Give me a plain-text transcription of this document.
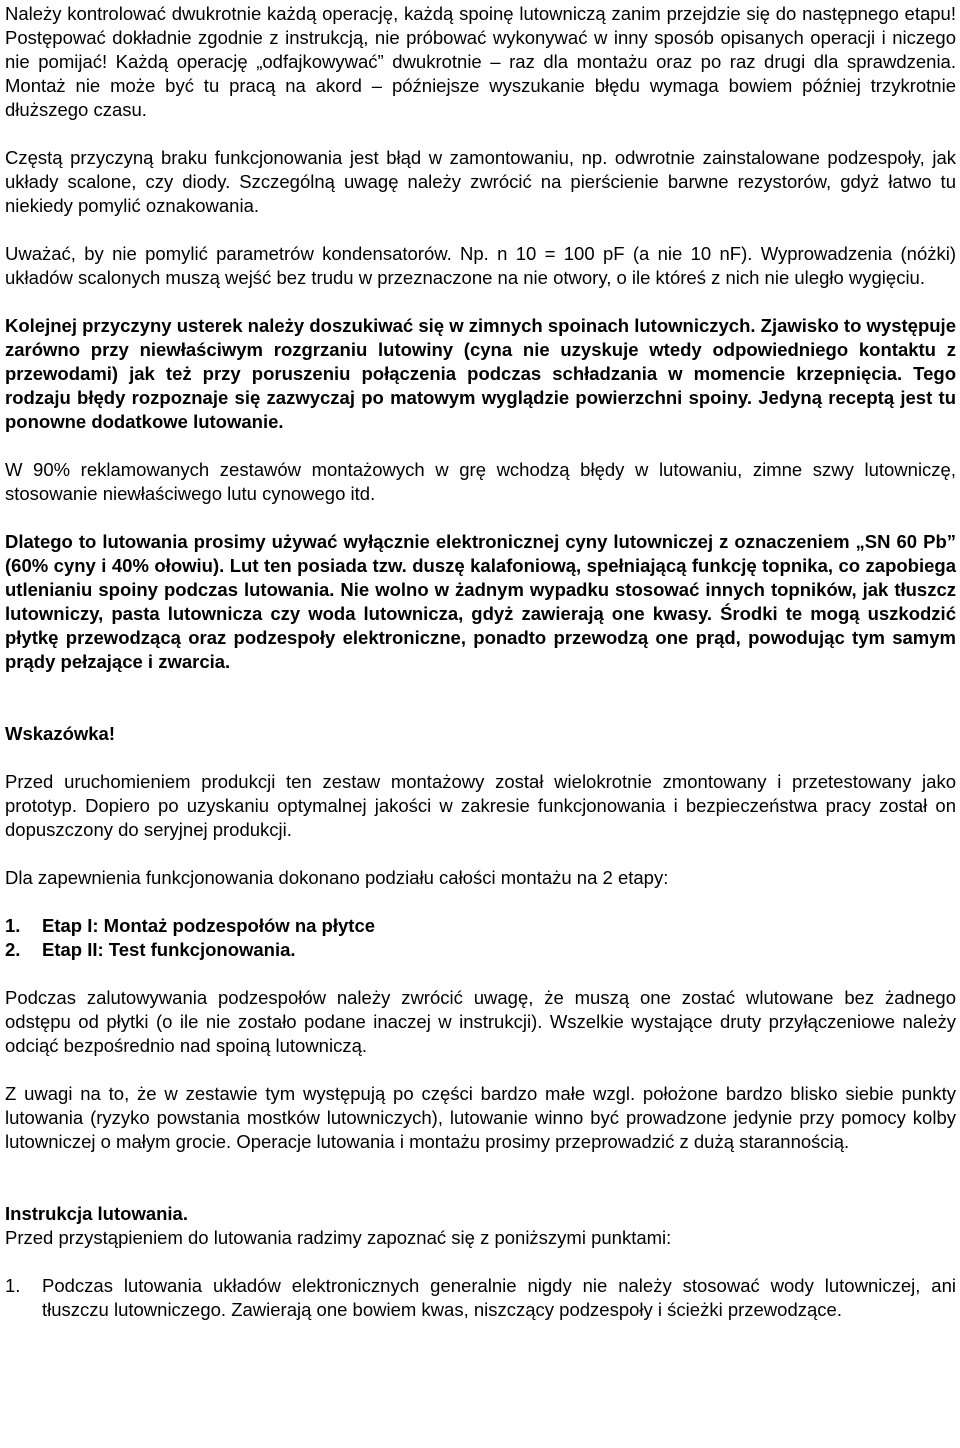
Należy kontrolować dwukrotnie każdą operację, każdą spoinę lutowniczą zanim przejdzie się do następnego etapu! Postępować dokładnie zgodnie z instrukcją, nie próbować wykonywać w inny sposób opisanych operacji i niczego nie pomijać! Każdą operację „odfajkowywać” dwukrotnie – raz dla montażu oraz po raz drugi dla sprawdzenia. Montaż nie może być tu pracą na akord – późniejsze wyszukanie błędu wymaga bowiem później trzykrotnie dłuższego czasu.

Częstą przyczyną braku funkcjonowania jest błąd w zamontowaniu, np. odwrotnie zainstalowane podzespoły, jak układy scalone, czy diody. Szczególną uwagę należy zwrócić na pierścienie barwne rezystorów, gdyż łatwo tu niekiedy pomylić oznakowania.

Uważać, by nie pomylić parametrów kondensatorów. Np. n 10 = 100 pF (a nie 10 nF). Wyprowadzenia (nóżki) układów scalonych muszą wejść bez trudu w przeznaczone na nie otwory, o ile któreś z nich nie uległo wygięciu.

Kolejnej przyczyny usterek należy doszukiwać się w zimnych spoinach lutowniczych. Zjawisko to występuje zarówno przy niewłaściwym rozgrzaniu lutowiny (cyna nie uzyskuje wtedy odpowiedniego kontaktu z przewodami) jak też przy poruszeniu połączenia podczas schładzania w momencie krzepnięcia. Tego rodzaju błędy rozpoznaje się zazwyczaj po matowym wyglądzie powierzchni spoiny. Jedyną receptą jest tu ponowne dodatkowe lutowanie.

W 90% reklamowanych zestawów montażowych w grę wchodzą błędy w lutowaniu, zimne szwy lutowniczę, stosowanie niewłaściwego lutu cynowego itd.

Dlatego to lutowania prosimy używać wyłącznie elektronicznej cyny lutowniczej z oznaczeniem „SN 60 Pb” (60% cyny i 40% ołowiu). Lut ten posiada tzw. duszę kalafoniową, spełniającą funkcję topnika, co zapobiega utlenianiu spoiny podczas lutowania. Nie wolno w żadnym wypadku stosować innych topników, jak tłuszcz lutowniczy, pasta lutownicza czy woda lutownicza, gdyż zawierają one kwasy. Środki te mogą uszkodzić płytkę przewodzącą oraz podzespoły elektroniczne, ponadto przewodzą one prąd, powodując tym samym prądy pełzające i zwarcia.

Wskazówka!

Przed uruchomieniem produkcji ten zestaw montażowy został wielokrotnie zmontowany i przetestowany jako prototyp. Dopiero po uzyskaniu optymalnej jakości w zakresie funkcjonowania i bezpieczeństwa pracy został on dopuszczony do seryjnej produkcji.

Dla zapewnienia funkcjonowania dokonano podziału całości montażu na 2 etapy:

1. Etap I: Montaż podzespołów na płytce
2. Etap II: Test funkcjonowania.

Podczas zalutowywania podzespołów należy zwrócić uwagę, że muszą one zostać wlutowane bez żadnego odstępu od płytki (o ile nie zostało podane inaczej w instrukcji). Wszelkie wystające druty przyłączeniowe należy odciąć bezpośrednio nad spoiną lutowniczą.

Z uwagi na to, że w zestawie tym występują po części bardzo małe wzgl. położone bardzo blisko siebie punkty lutowania (ryzyko powstania mostków lutowniczych), lutowanie winno być prowadzone jedynie przy pomocy kolby lutowniczej o małym grocie. Operacje lutowania i montażu prosimy przeprowadzić z dużą starannością.

Instrukcja lutowania.

Przed przystąpieniem do lutowania radzimy zapoznać się z poniższymi punktami:

1. Podczas lutowania układów elektronicznych generalnie nigdy nie należy stosować wody lutowniczej, ani tłuszczu lutowniczego. Zawierają one bowiem kwas, niszczący podzespoły i ścieżki przewodzące.
